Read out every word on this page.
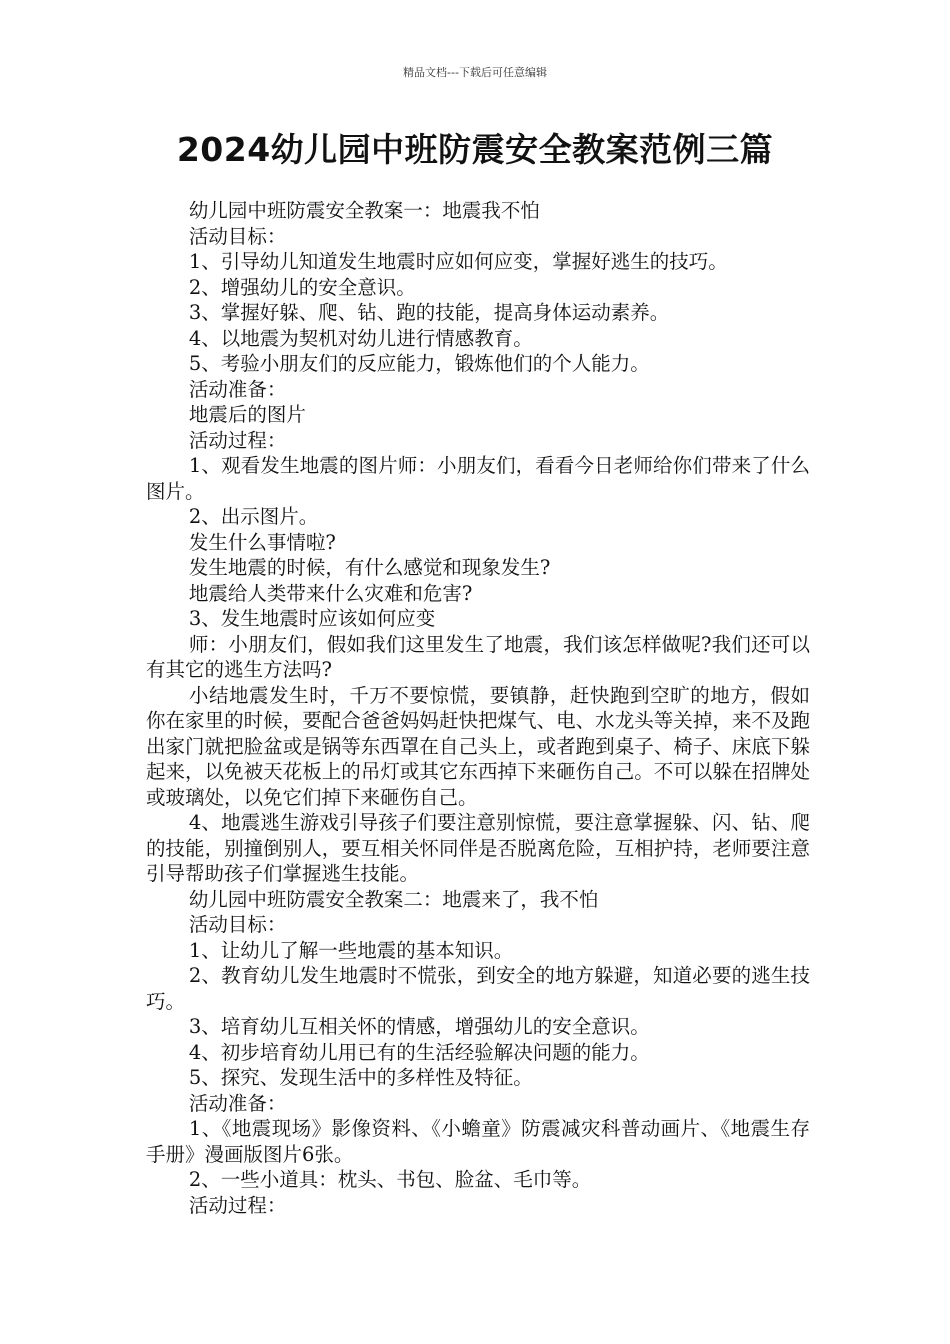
精品文档---下载后可任意编辑
2024幼儿园中班防震安全教案范例三篇

幼儿园中班防震安全教案一：地震我不怕

活动目标：

1、引导幼儿知道发生地震时应如何应变，掌握好逃生的技巧。

2、增强幼儿的安全意识。

3、掌握好躲、爬、钻、跑的技能，提高身体运动素养。

4、以地震为契机对幼儿进行情感教育。

5、考验小朋友们的反应能力，锻炼他们的个人能力。

活动准备：

地震后的图片

活动过程：

1、观看发生地震的图片师：小朋友们，看看今日老师给你们带来了什么图片。

2、出示图片。

发生什么事情啦?

发生地震的时候，有什么感觉和现象发生?

地震给人类带来什么灾难和危害?

3、发生地震时应该如何应变

师：小朋友们，假如我们这里发生了地震，我们该怎样做呢?我们还可以有其它的逃生方法吗?

小结地震发生时，千万不要惊慌，要镇静，赶快跑到空旷的地方，假如你在家里的时候，要配合爸爸妈妈赶快把煤气、电、水龙头等关掉，来不及跑出家门就把脸盆或是锅等东西罩在自己头上，或者跑到桌子、椅子、床底下躲起来，以免被天花板上的吊灯或其它东西掉下来砸伤自己。不可以躲在招牌处或玻璃处，以免它们掉下来砸伤自己。

4、地震逃生游戏引导孩子们要注意别惊慌，要注意掌握躲、闪、钻、爬的技能，别撞倒别人，要互相关怀同伴是否脱离危险，互相护持，老师要注意引导帮助孩子们掌握逃生技能。

幼儿园中班防震安全教案二：地震来了，我不怕

活动目标：

1、让幼儿了解一些地震的基本知识。

2、教育幼儿发生地震时不慌张，到安全的地方躲避，知道必要的逃生技巧。

3、培育幼儿互相关怀的情感，增强幼儿的安全意识。

4、初步培育幼儿用已有的生活经验解决问题的能力。

5、探究、发现生活中的多样性及特征。

活动准备：

1、《地震现场》影像资料、《小蟾童》防震减灾科普动画片、《地震生存手册》漫画版图片6张。

2、一些小道具：枕头、书包、脸盆、毛巾等。

活动过程：
